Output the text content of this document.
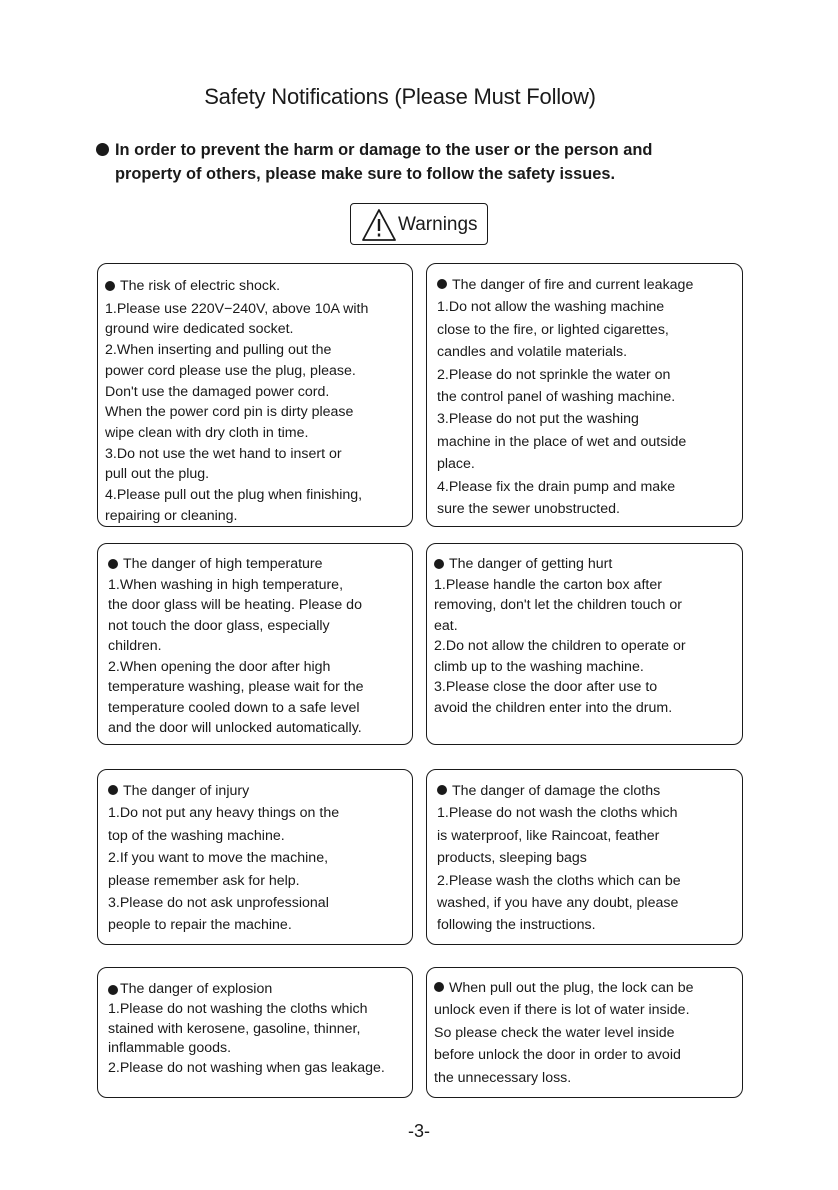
Safety Notifications (Please Must Follow)
In order to prevent the harm or damage to the user or the person and
property of others, please make sure to follow the safety issues.
Warnings
The risk of electric shock.
1.Please use 220V−240V, above 10A with
ground wire dedicated socket.
2.When inserting and pulling out the
power cord please use the plug, please.
Don't use the damaged power cord.
When the power cord pin is dirty please
wipe clean with dry cloth in time.
3.Do not use the wet hand to insert or
pull out the plug.
4.Please pull out the plug when finishing,
repairing or cleaning.
The danger of fire and current leakage
1.Do not allow the washing machine
close to the fire, or lighted cigarettes,
candles and volatile materials.
2.Please do not sprinkle the water on
the control panel of washing machine.
3.Please do not put the washing
machine in the place of wet and outside
place.
4.Please fix the drain pump and make
sure the sewer unobstructed.
The danger of high temperature
1.When washing in high temperature,
the door glass will be heating. Please do
not touch the door glass, especially
children.
2.When opening the door after high
temperature washing, please wait for the
temperature cooled down to a safe level
and the door will unlocked automatically.
The danger of getting hurt
1.Please handle the carton box after
removing, don't let the children touch or
eat.
2.Do not allow the children to operate or
climb up to the washing machine.
3.Please close the door after use to
avoid the children enter into the drum.
The danger of injury
1.Do not put any heavy things on the
top of the washing machine.
2.If you want to move the machine,
please remember ask for help.
3.Please do not ask unprofessional
people to repair the machine.
The danger of damage the cloths
1.Please do not wash the cloths which
is waterproof, like Raincoat, feather
products, sleeping bags
2.Please wash the cloths which can be
washed, if you have any doubt, please
following the instructions.
The danger of explosion
1.Please do not washing the cloths which
stained with kerosene, gasoline, thinner,
inflammable goods.
2.Please do not washing when gas leakage.
When pull out the plug, the lock can be
unlock even if there is lot of water inside.
So please check the water level inside
before unlock the door in order to avoid
the unnecessary loss.
-3-
